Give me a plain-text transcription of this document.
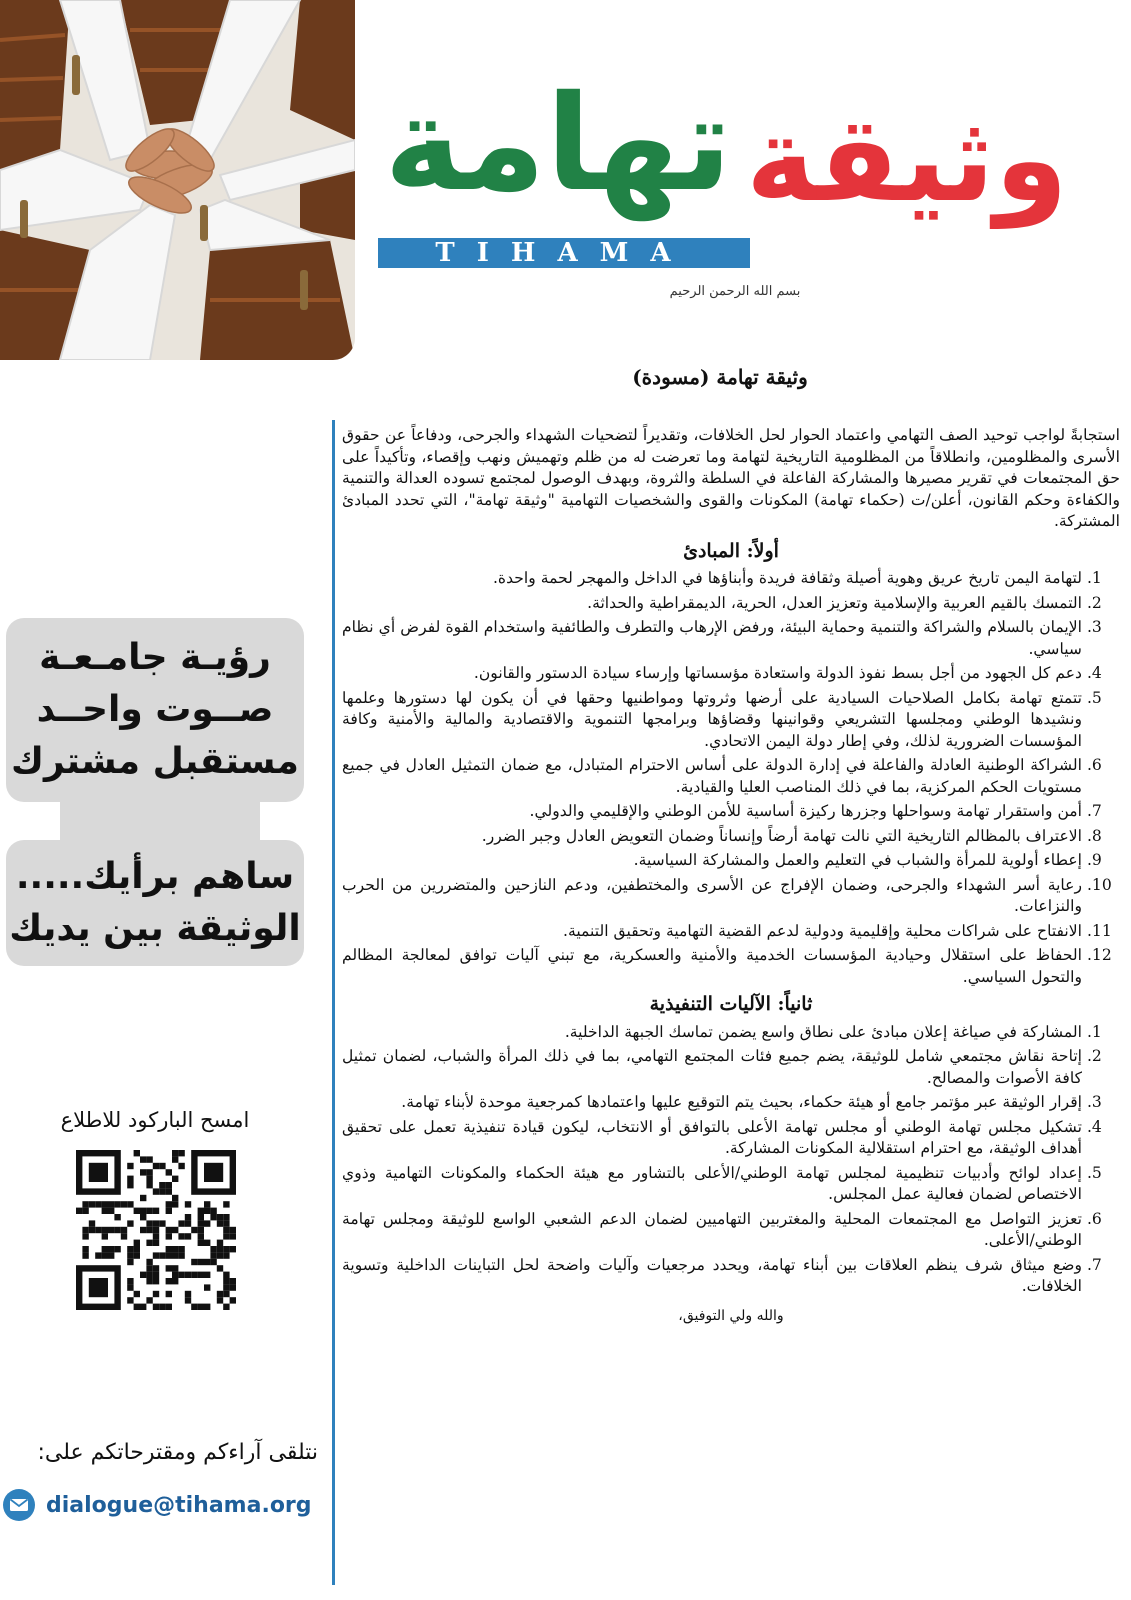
تهامة وثيقة
TIHAMA
بسم الله الرحمن الرحيم
وثيقة تهامة (مسودة)

استجابةً لواجب توحيد الصف التهامي واعتماد الحوار لحل الخلافات، وتقديراً لتضحيات الشهداء والجرحى، ودفاعاً عن حقوق الأسرى والمظلومين، وانطلاقاً من المظلومية التاريخية لتهامة وما تعرضت له من ظلم وتهميش ونهب وإقصاء، وتأكيداً على حق المجتمعات في تقرير مصيرها والمشاركة الفاعلة في السلطة والثروة، وبهدف الوصول لمجتمع تسوده العدالة والتنمية والكفاءة وحكم القانون، أعلن/ت (حكماء تهامة) المكونات والقوى والشخصيات التهامية "وثيقة تهامة"، التي تحدد المبادئ المشتركة.

أولاً: المبادئ
1. لتهامة اليمن تاريخ عريق وهوية أصيلة وثقافة فريدة وأبناؤها في الداخل والمهجر لحمة واحدة.
2. التمسك بالقيم العربية والإسلامية وتعزيز العدل، الحرية، الديمقراطية والحداثة.
3. الإيمان بالسلام والشراكة والتنمية وحماية البيئة، ورفض الإرهاب والتطرف والطائفية واستخدام القوة لفرض أي نظام سياسي.
4. دعم كل الجهود من أجل بسط نفوذ الدولة واستعادة مؤسساتها وإرساء سيادة الدستور والقانون.
5. تتمتع تهامة بكامل الصلاحيات السيادية على أرضها وثروتها ومواطنيها وحقها في أن يكون لها دستورها وعلمها ونشيدها الوطني ومجلسها التشريعي وقوانينها وقضاؤها وبرامجها التنموية والاقتصادية والمالية والأمنية وكافة المؤسسات الضرورية لذلك، وفي إطار دولة اليمن الاتحادي.
6. الشراكة الوطنية العادلة والفاعلة في إدارة الدولة على أساس الاحترام المتبادل، مع ضمان التمثيل العادل في جميع مستويات الحكم المركزية، بما في ذلك المناصب العليا والقيادية.
7. أمن واستقرار تهامة وسواحلها وجزرها ركيزة أساسية للأمن الوطني والإقليمي والدولي.
8. الاعتراف بالمظالم التاريخية التي نالت تهامة أرضاً وإنساناً وضمان التعويض العادل وجبر الضرر.
9. إعطاء أولوية للمرأة والشباب في التعليم والعمل والمشاركة السياسية.
10. رعاية أسر الشهداء والجرحى، وضمان الإفراج عن الأسرى والمختطفين، ودعم النازحين والمتضررين من الحرب والنزاعات.
11. الانفتاح على شراكات محلية وإقليمية ودولية لدعم القضية التهامية وتحقيق التنمية.
12. الحفاظ على استقلال وحيادية المؤسسات الخدمية والأمنية والعسكرية، مع تبني آليات توافق لمعالجة المظالم والتحول السياسي.
ثانياً: الآليات التنفيذية
1. المشاركة في صياغة إعلان مبادئ على نطاق واسع يضمن تماسك الجبهة الداخلية.
2. إتاحة نقاش مجتمعي شامل للوثيقة، يضم جميع فئات المجتمع التهامي، بما في ذلك المرأة والشباب، لضمان تمثيل كافة الأصوات والمصالح.
3. إقرار الوثيقة عبر مؤتمر جامع أو هيئة حكماء، بحيث يتم التوقيع عليها واعتمادها كمرجعية موحدة لأبناء تهامة.
4. تشكيل مجلس تهامة الوطني أو مجلس تهامة الأعلى بالتوافق أو الانتخاب، ليكون قيادة تنفيذية تعمل على تحقيق أهداف الوثيقة، مع احترام استقلالية المكونات المشاركة.
5. إعداد لوائح وأدبيات تنظيمية لمجلس تهامة الوطني/الأعلى بالتشاور مع هيئة الحكماء والمكونات التهامية وذوي الاختصاص لضمان فعالية عمل المجلس.
6. تعزيز التواصل مع المجتمعات المحلية والمغتربين التهاميين لضمان الدعم الشعبي الواسع للوثيقة ومجلس تهامة الوطني/الأعلى.
7. وضع ميثاق شرف ينظم العلاقات بين أبناء تهامة، ويحدد مرجعيات وآليات واضحة لحل التباينات الداخلية وتسوية الخلافات.
والله ولي التوفيق،
رؤيـة جامـعـة
صــوت واحــد
مستقبل مشترك
ساهم برأيك.....
الوثيقة بين يديك
امسح الباركود للاطلاع
نتلقى آراءكم ومقترحاتكم على:
dialogue@tihama.org
